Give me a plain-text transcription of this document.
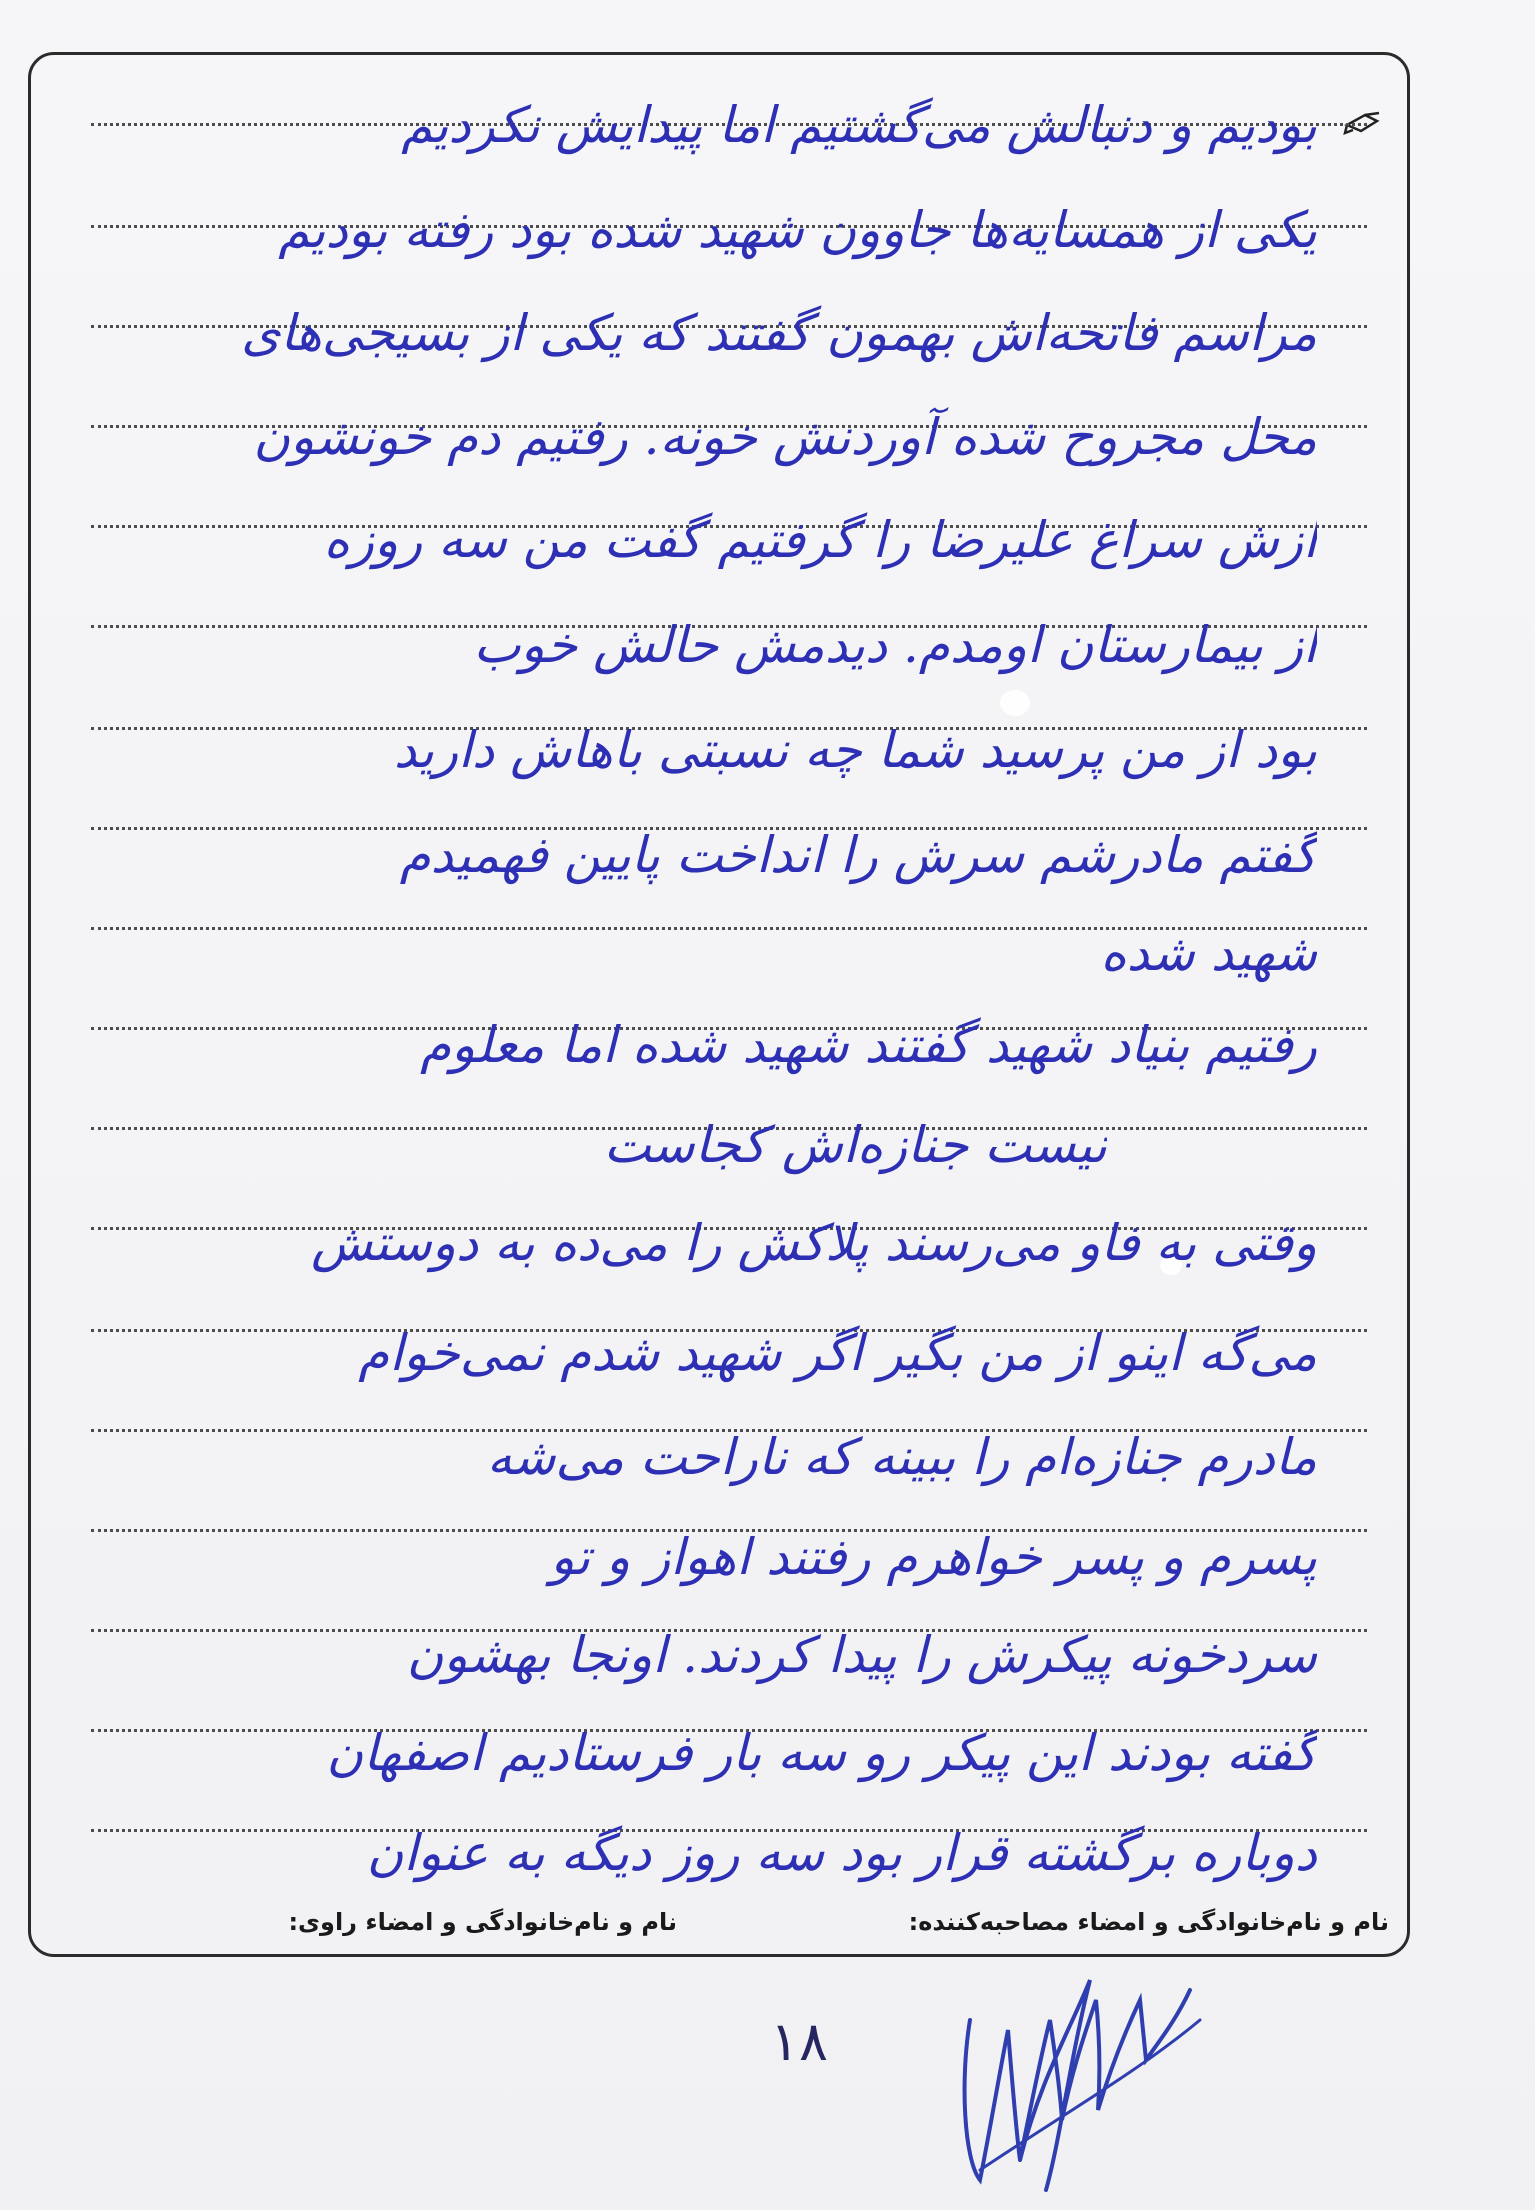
بودیم و دنبالش می‌گشتیم اما پیدایش نکردیم
یکی از همسایه‌ها جاوون شهید شده بود رفته بودیم
مراسم فاتحه‌اش بهمون گفتند که یکی از بسیجی‌های
محل مجروح شده آوردنش خونه. رفتیم دم خونشون
ازش سراغ علیرضا را گرفتیم گفت من سه روزه
از بیمارستان اومدم. دیدمش حالش خوب
بود از من پرسید شما چه نسبتی باهاش دارید
گفتم مادرشم سرش را انداخت پایین فهمیدم
شهید شده
رفتیم بنیاد شهید گفتند شهید شده اما معلوم
نیست جنازه‌اش کجاست
وقتی به فاو می‌رسند پلاکش را می‌ده به دوستش
می‌گه اینو از من بگیر اگر شهید شدم نمی‌خوام
مادرم جنازه‌ام را ببینه که ناراحت می‌شه
پسرم و پسر خواهرم رفتند اهواز و تو
سردخونه پیکرش را پیدا کردند. اونجا بهشون
گفته بودند این پیکر رو سه بار فرستادیم اصفهان
دوباره برگشته قرار بود سه روز دیگه به عنوان
نام و نام‌خانوادگی و امضاء مصاحبه‌کننده:
نام و نام‌خانوادگی و امضاء راوی:
۱۸
